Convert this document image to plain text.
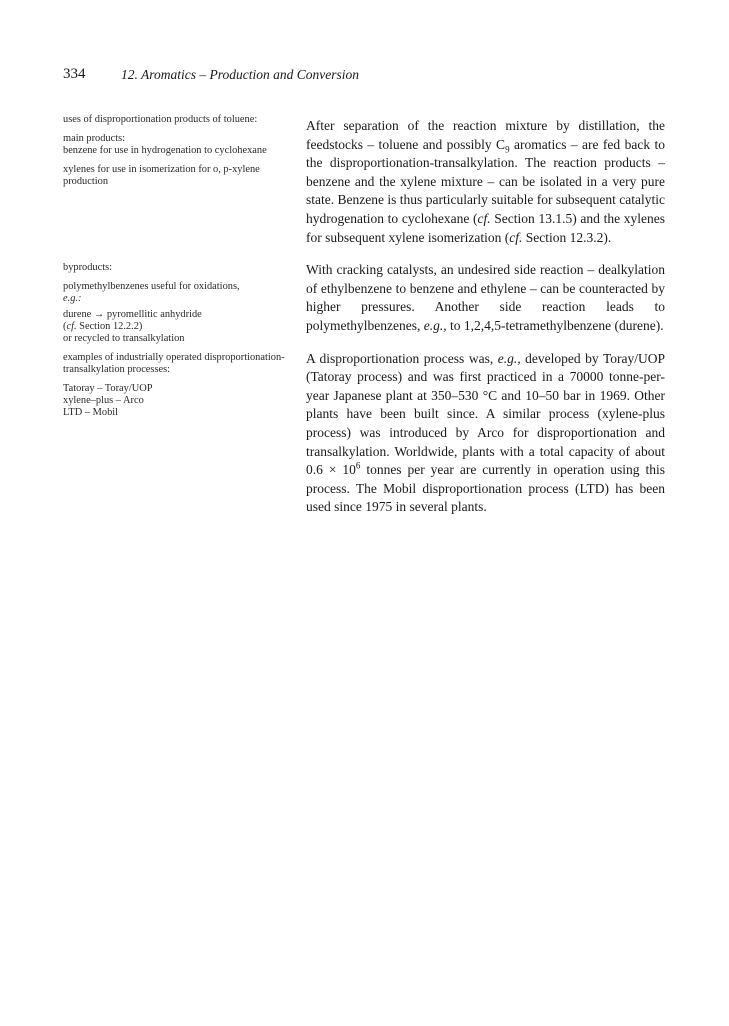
334	12. Aromatics – Production and Conversion

uses of disproportionation products of toluene:

main products:

benzene for use in hydrogenation to cyclohexane

xylenes for use in isomerization for o, p-xylene production

byproducts:

polymethylbenzenes useful for oxidations,
e.g.:

durene → pyromellitic anhydride
(cf. Section 12.2.2)
or recycled to transalkylation

examples of industrially operated disproportionation-transalkylation processes:

Tatoray – Toray/UOP
xylene–plus – Arco
LTD – Mobil

After separation of the reaction mixture by distillation, the feedstocks – toluene and possibly $C_9$ aromatics – are fed back to the disproportionation-transalkylation. The reaction products – benzene and the xylene mixture – can be isolated in a very pure state. Benzene is thus particularly suitable for subsequent catalytic hydrogenation to cyclohexane (cf. Section 13.1.5) and the xylenes for subsequent xylene isomerization (cf. Section 12.3.2).

With cracking catalysts, an undesired side reaction – dealkylation of ethylbenzene to benzene and ethylene – can be counteracted by higher pressures. Another side reaction leads to polymethylbenzenes, e.g., to 1,2,4,5-tetramethylbenzene (durene).

A disproportionation process was, e.g., developed by Toray/UOP (Tatoray process) and was first practiced in a 70000 tonne-per-year Japanese plant at 350–530 °C and 10–50 bar in 1969. Other plants have been built since. A similar process (xylene-plus process) was introduced by Arco for disproportionation and transalkylation. Worldwide, plants with a total capacity of about $0.6 \times 10^6$ tonnes per year are currently in operation using this process. The Mobil disproportionation process (LTD) has been used since 1975 in several plants.
